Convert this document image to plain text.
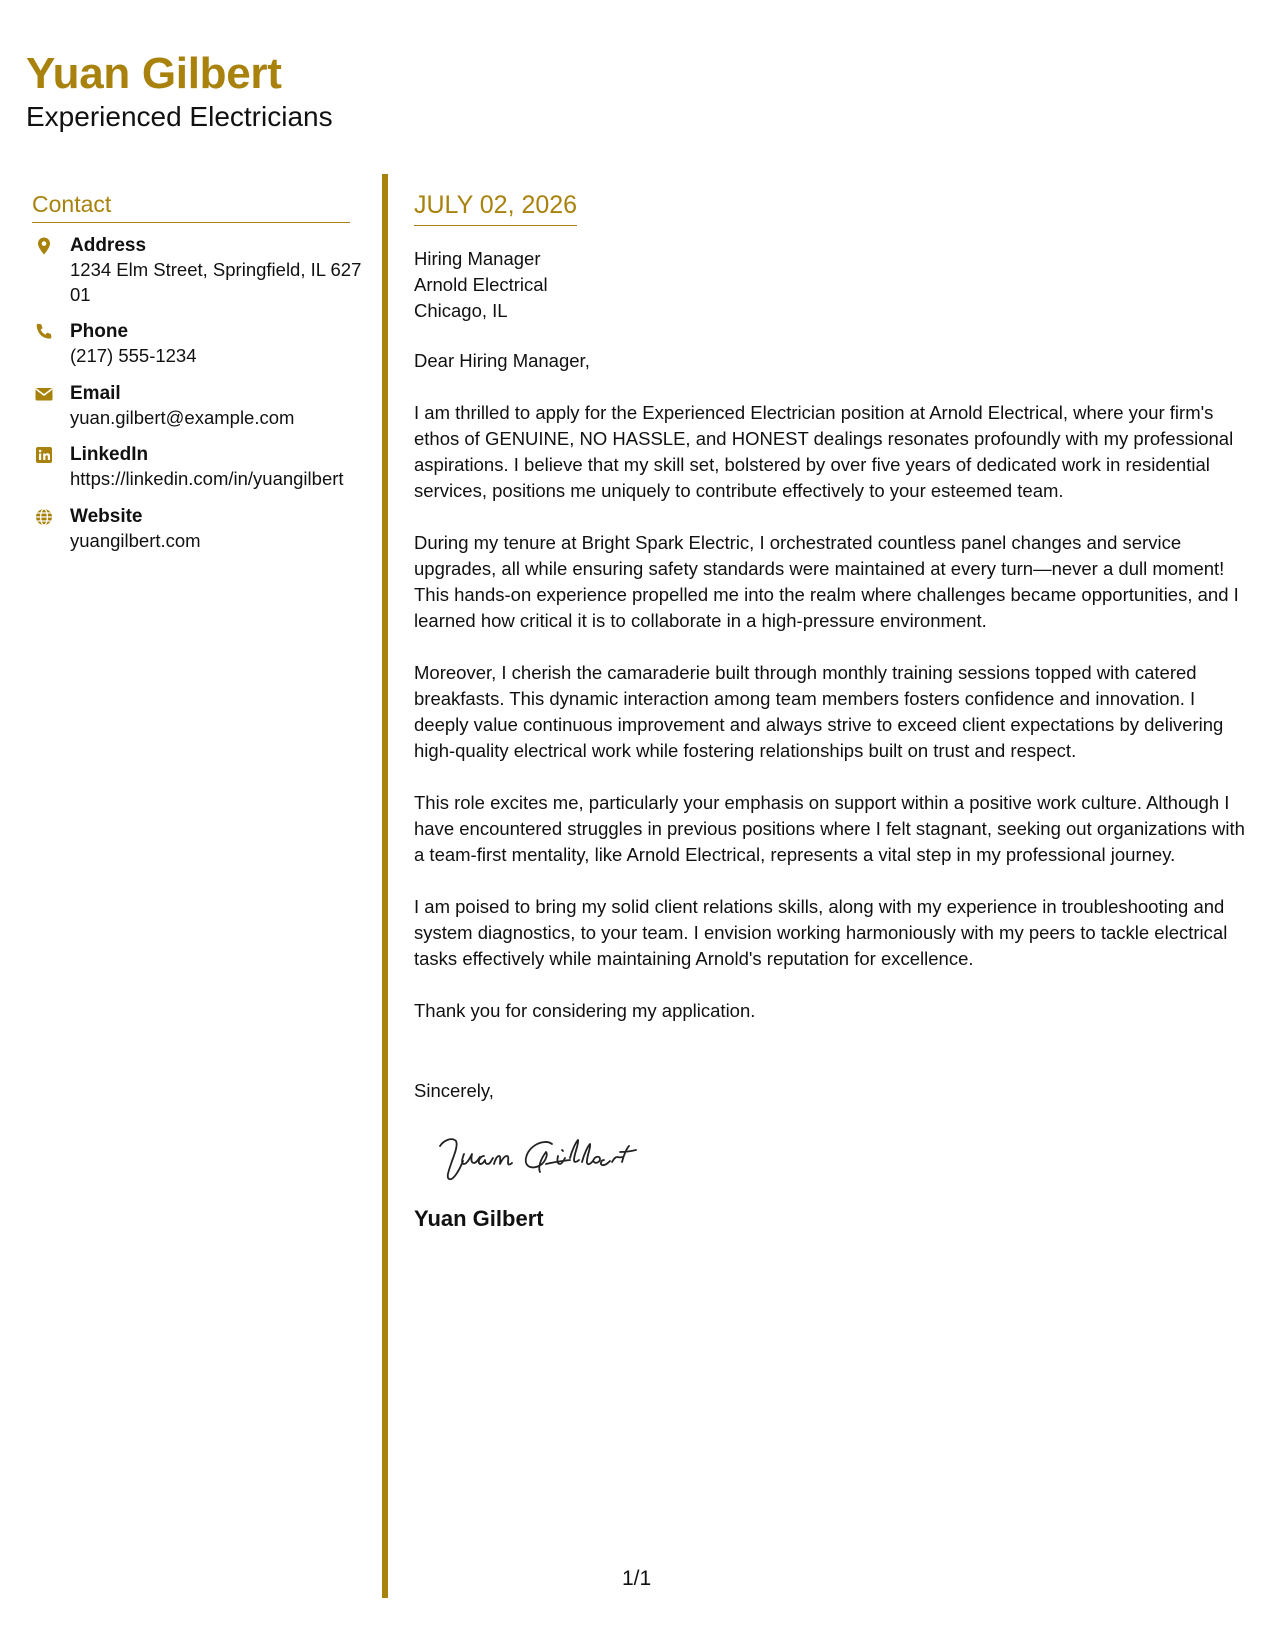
Yuan Gilbert
Experienced Electricians
Contact
Address
1234 Elm Street, Springfield, IL 62701
Phone
(217) 555-1234
Email
yuan.gilbert@example.com
LinkedIn
https://linkedin.com/in/yuangilbert
Website
yuangilbert.com
JULY 02, 2026
Hiring Manager
Arnold Electrical
Chicago, IL
Dear Hiring Manager,

I am thrilled to apply for the Experienced Electrician position at Arnold Electrical, where your firm's ethos of GENUINE, NO HASSLE, and HONEST dealings resonates profoundly with my professional aspirations. I believe that my skill set, bolstered by over five years of dedicated work in residential services, positions me uniquely to contribute effectively to your esteemed team.

During my tenure at Bright Spark Electric, I orchestrated countless panel changes and service upgrades, all while ensuring safety standards were maintained at every turn—never a dull moment! This hands-on experience propelled me into the realm where challenges became opportunities, and I learned how critical it is to collaborate in a high-pressure environment.

Moreover, I cherish the camaraderie built through monthly training sessions topped with catered breakfasts. This dynamic interaction among team members fosters confidence and innovation. I deeply value continuous improvement and always strive to exceed client expectations by delivering high-quality electrical work while fostering relationships built on trust and respect.

This role excites me, particularly your emphasis on support within a positive work culture. Although I have encountered struggles in previous positions where I felt stagnant, seeking out organizations with a team-first mentality, like Arnold Electrical, represents a vital step in my professional journey.

I am poised to bring my solid client relations skills, along with my experience in troubleshooting and system diagnostics, to your team. I envision working harmoniously with my peers to tackle electrical tasks effectively while maintaining Arnold's reputation for excellence.

Thank you for considering my application.

Sincerely,
Yuan Gilbert
1/1
